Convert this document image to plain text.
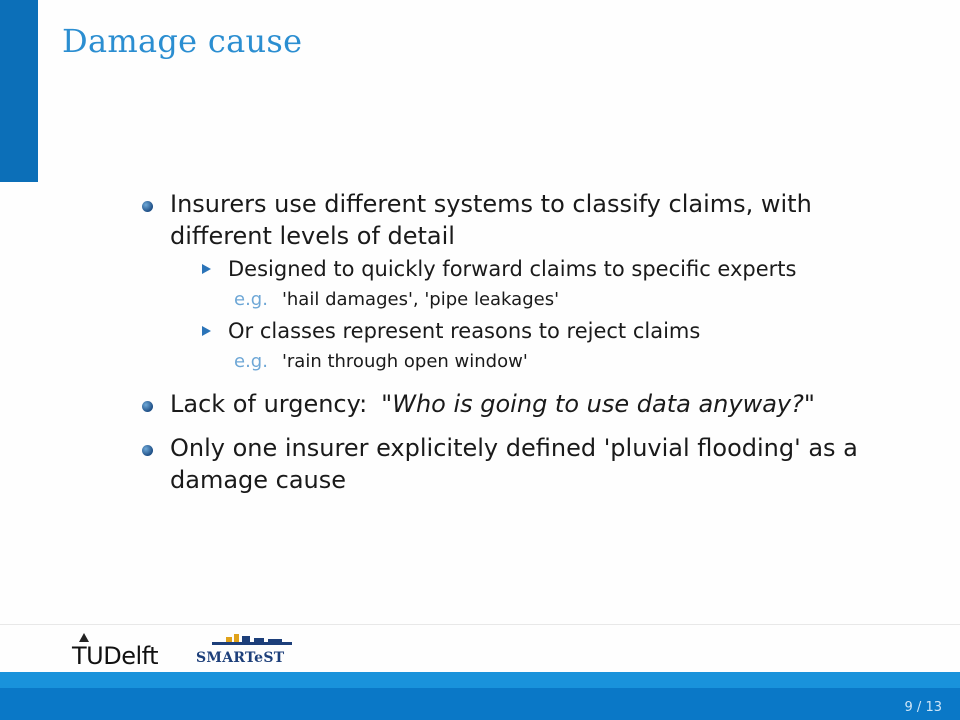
Damage cause
Insurers use different systems to classify claims, with different levels of detail
Designed to quickly forward claims to specific experts
e.g. 'hail damages', 'pipe leakages'
Or classes represent reasons to reject claims
e.g. 'rain through open window'
Lack of urgency: "Who is going to use data anyway?"
Only one insurer explicitely defined 'pluvial flooding' as a damage cause
TUDelft	SMARTeST
9 / 13
